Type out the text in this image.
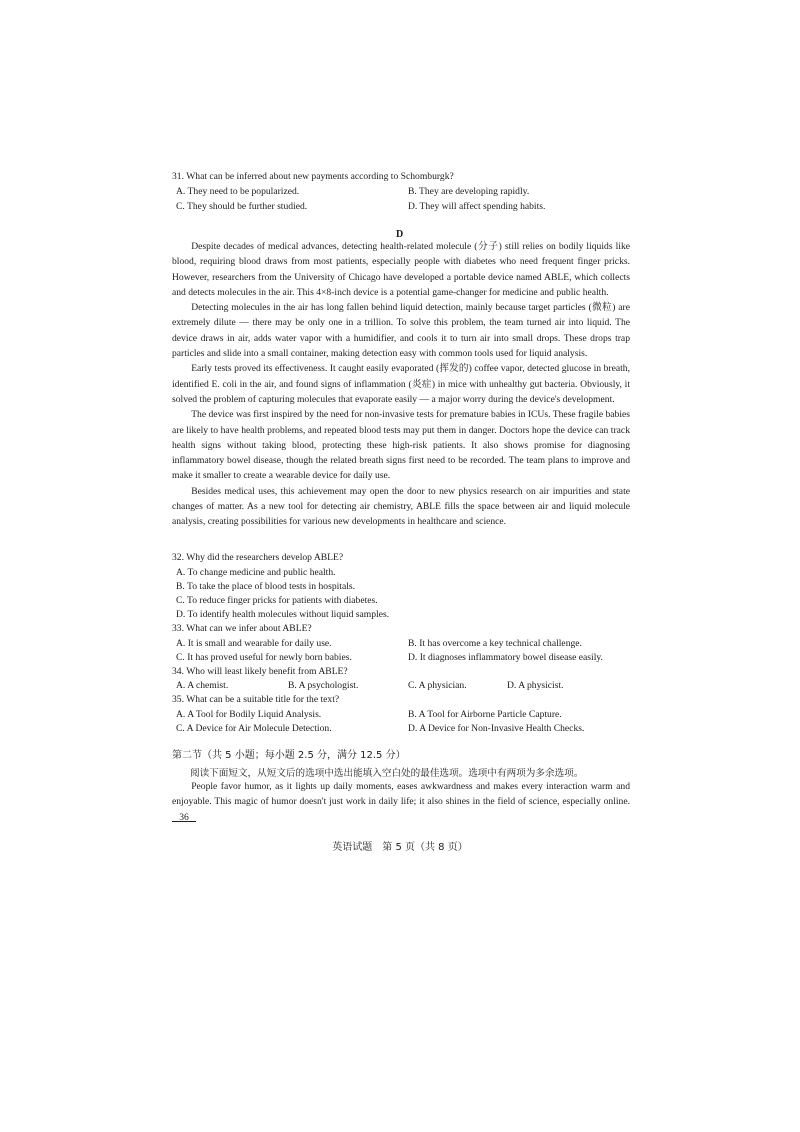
31. What can be inferred about new payments according to Schomburgk?
A. They need to be popularized.	B. They are developing rapidly.
C. They should be further studied.	D. They will affect spending habits.
D

Despite decades of medical advances, detecting health-related molecule (分子) still relies on bodily liquids like blood, requiring blood draws from most patients, especially people with diabetes who need frequent finger pricks. However, researchers from the University of Chicago have developed a portable device named ABLE, which collects and detects molecules in the air. This 4×8-inch device is a potential game-changer for medicine and public health.

Detecting molecules in the air has long fallen behind liquid detection, mainly because target particles (微粒) are extremely dilute — there may be only one in a trillion. To solve this problem, the team turned air into liquid. The device draws in air, adds water vapor with a humidifier, and cools it to turn air into small drops. These drops trap particles and slide into a small container, making detection easy with common tools used for liquid analysis.

Early tests proved its effectiveness. It caught easily evaporated (挥发的) coffee vapor, detected glucose in breath, identified E. coli in the air, and found signs of inflammation (炎症) in mice with unhealthy gut bacteria. Obviously, it solved the problem of capturing molecules that evaporate easily — a major worry during the device's development.

The device was first inspired by the need for non-invasive tests for premature babies in ICUs. These fragile babies are likely to have health problems, and repeated blood tests may put them in danger. Doctors hope the device can track health signs without taking blood, protecting these high-risk patients. It also shows promise for diagnosing inflammatory bowel disease, though the related breath signs first need to be recorded. The team plans to improve and make it smaller to create a wearable device for daily use.

Besides medical uses, this achievement may open the door to new physics research on air impurities and state changes of matter. As a new tool for detecting air chemistry, ABLE fills the space between air and liquid molecule analysis, creating possibilities for various new developments in healthcare and science.

32. Why did the researchers develop ABLE?
A. To change medicine and public health.
B. To take the place of blood tests in hospitals.
C. To reduce finger pricks for patients with diabetes.
D. To identify health molecules without liquid samples.
33. What can we infer about ABLE?
A. It is small and wearable for daily use.	B. It has overcome a key technical challenge.
C. It has proved useful for newly born babies.	D. It diagnoses inflammatory bowel disease easily.
34. Who will least likely benefit from ABLE?
A. A chemist.	B. A psychologist.	C. A physician.	D. A physicist.
35. What can be a suitable title for the text?
A. A Tool for Bodily Liquid Analysis.	B. A Tool for Airborne Particle Capture.
C. A Device for Air Molecule Detection.	D. A Device for Non-Invasive Health Checks.
第二节（共 5 小题；每小题 2.5 分，满分 12.5 分）
阅读下面短文，从短文后的选项中选出能填入空白处的最佳选项。选项中有两项为多余选项。

People favor humor, as it lights up daily moments, eases awkwardness and makes every interaction warm and enjoyable. This magic of humor doesn't just work in daily life; it also shines in the field of science, especially online.    36

英语试题　第 5 页（共 8 页）
